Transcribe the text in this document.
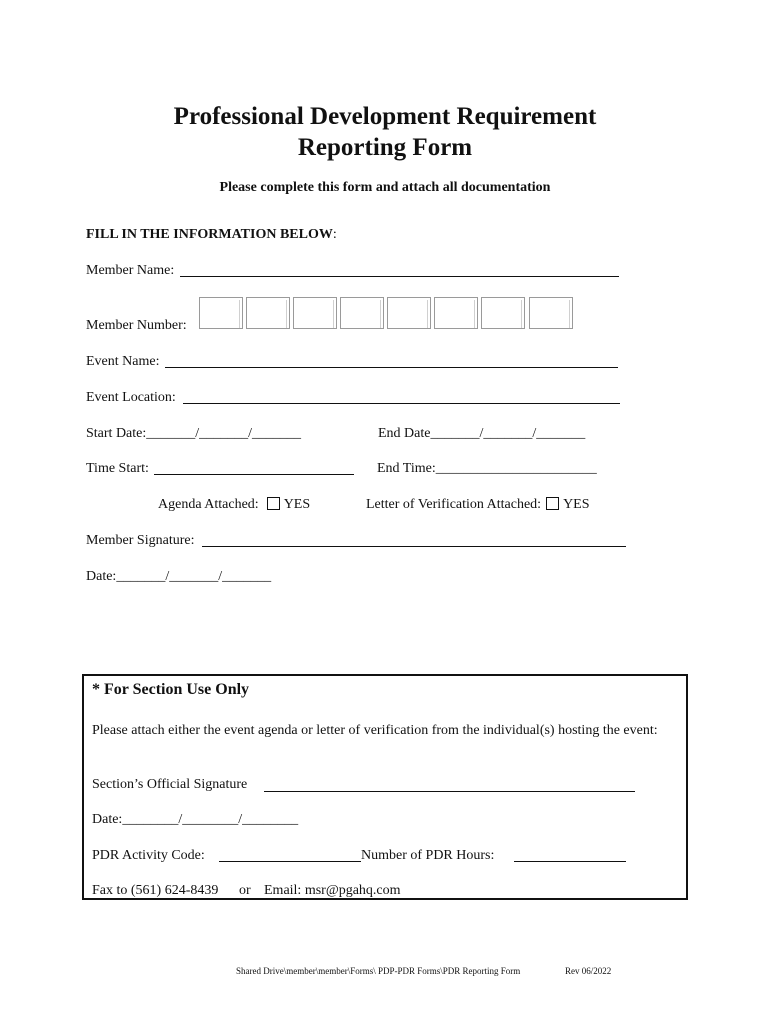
Professional Development Requirement
Reporting Form
Please complete this form and attach all documentation
FILL IN THE INFORMATION BELOW:
Member Name:
Member Number:
Event Name:
Event Location:
Start Date:_______/_______/_______	End Date_______/_______/_______
Time Start:	End Time:_______________________
Agenda Attached: YES	Letter of Verification Attached: YES
Member Signature:
Date:_______/_______/_______
* For Section Use Only
Please attach either the event agenda or letter of verification from the individual(s) hosting the event:
Section’s Official Signature
Date:________/________/________
PDR Activity Code:	Number of PDR Hours:
Fax to (561) 624-8439 or Email: msr@pgahq.com
Shared Drive\member\member\Forms\ PDP-PDR Forms\PDR Reporting Form	Rev 06/2022
